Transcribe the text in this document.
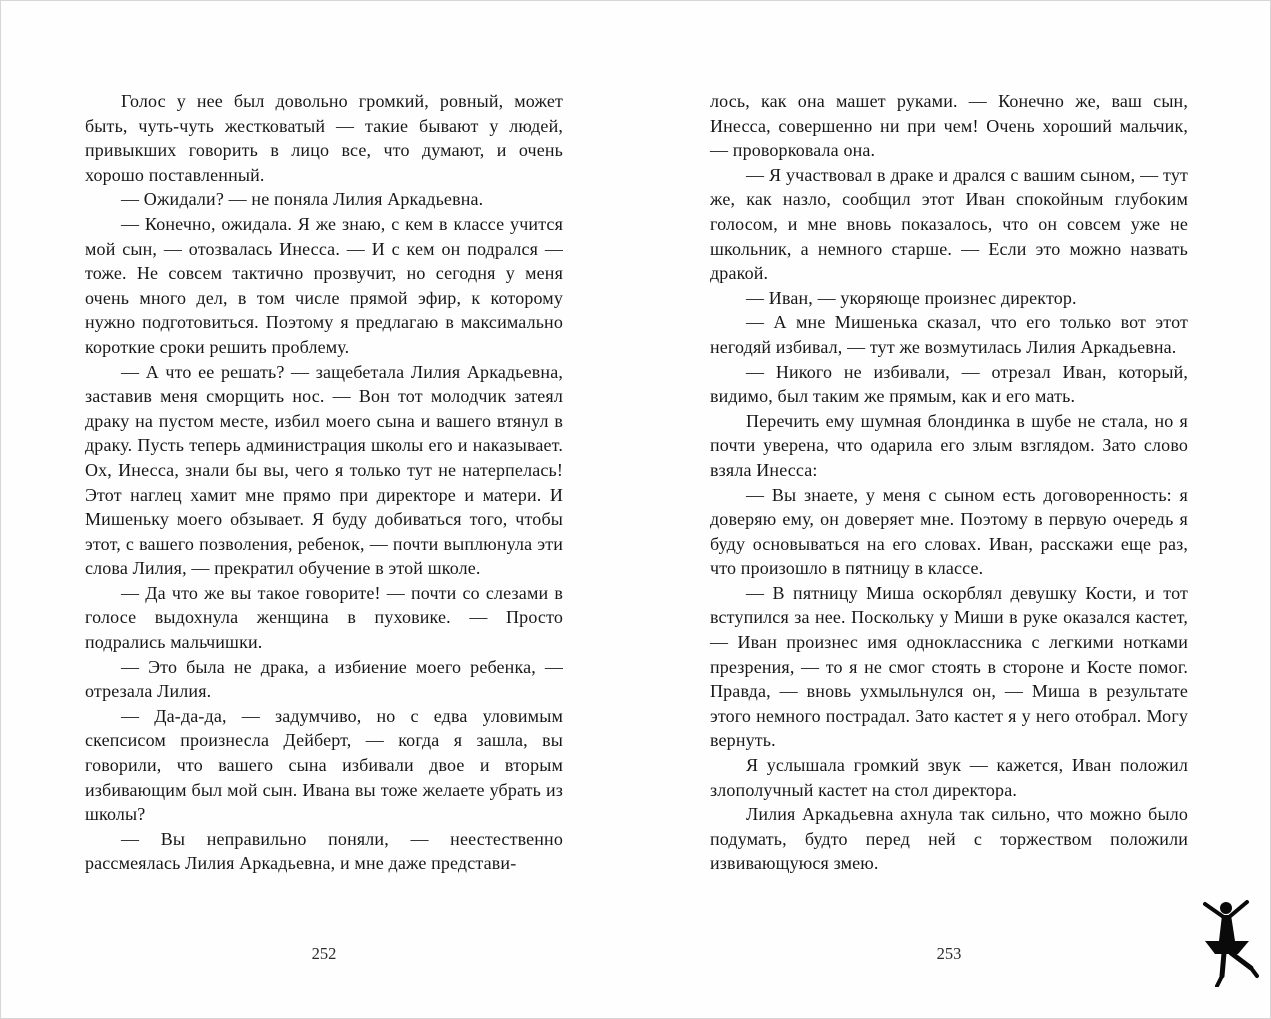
Голос у нее был довольно громкий, ровный, может быть, чуть-чуть жестковатый — такие бывают у людей, привыкших говорить в лицо все, что думают, и очень хорошо поставленный.

— Ожидали? — не поняла Лилия Аркадьевна.

— Конечно, ожидала. Я же знаю, с кем в классе учится мой сын, — отозвалась Инесса. — И с кем он подрался — тоже. Не совсем тактично прозвучит, но сегодня у меня очень много дел, в том числе прямой эфир, к которому нужно подготовиться. Поэтому я предлагаю в максимально короткие сроки решить проблему.

— А что ее решать? — защебетала Лилия Аркадьевна, заставив меня сморщить нос. — Вон тот молодчик затеял драку на пустом месте, избил моего сына и вашего втянул в драку. Пусть теперь администрация школы его и наказывает. Ох, Инесса, знали бы вы, чего я только тут не натерпелась! Этот наглец хамит мне прямо при директоре и матери. И Мишеньку моего обзывает. Я буду добиваться того, чтобы этот, с вашего позволения, ребенок, — почти выплюнула эти слова Лилия, — прекратил обучение в этой школе.

— Да что же вы такое говорите! — почти со слезами в голосе выдохнула женщина в пуховике. — Просто подрались мальчишки.

— Это была не драка, а избиение моего ребенка, — отрезала Лилия.

— Да-да-да, — задумчиво, но с едва уловимым скепсисом произнесла Дейберт, — когда я зашла, вы говорили, что вашего сына избивали двое и вторым избивающим был мой сын. Ивана вы тоже желаете убрать из школы?

— Вы неправильно поняли, — неестественно рассмеялась Лилия Аркадьевна, и мне даже представи-

252

лось, как она машет руками. — Конечно же, ваш сын, Инесса, совершенно ни при чем! Очень хороший мальчик, — проворковала она.

— Я участвовал в драке и дрался с вашим сыном, — тут же, как назло, сообщил этот Иван спокойным глубоким голосом, и мне вновь показалось, что он совсем уже не школьник, а немного старше. — Если это можно назвать дракой.

— Иван, — укоряюще произнес директор.

— А мне Мишенька сказал, что его только вот этот негодяй избивал, — тут же возмутилась Лилия Аркадьевна.

— Никого не избивали, — отрезал Иван, который, видимо, был таким же прямым, как и его мать.

Перечить ему шумная блондинка в шубе не стала, но я почти уверена, что одарила его злым взглядом. Зато слово взяла Инесса:

— Вы знаете, у меня с сыном есть договоренность: я доверяю ему, он доверяет мне. Поэтому в первую очередь я буду основываться на его словах. Иван, расскажи еще раз, что произошло в пятницу в классе.

— В пятницу Миша оскорблял девушку Кости, и тот вступился за нее. Поскольку у Миши в руке оказался кастет, — Иван произнес имя одноклассника с легкими нотками презрения, — то я не смог стоять в стороне и Косте помог. Правда, — вновь ухмыльнулся он, — Миша в результате этого немного пострадал. Зато кастет я у него отобрал. Могу вернуть.

Я услышала громкий звук — кажется, Иван положил злополучный кастет на стол директора.

Лилия Аркадьевна ахнула так сильно, что можно было подумать, будто перед ней с торжеством положили извивающуюся змею.

253
